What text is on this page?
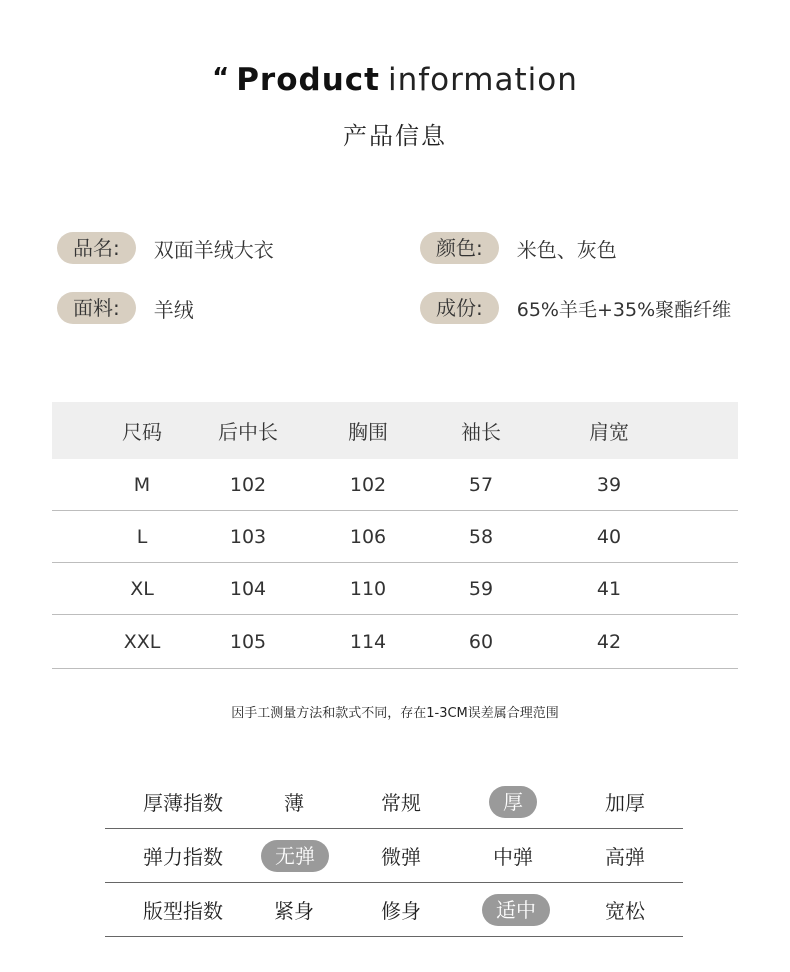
“ Product information
产品信息
品名:	双面羊绒大衣	颜色:	米色、灰色
面料:	羊绒	成份:	65%羊毛+35%聚酯纤维
尺码	后中长	胸围	袖长	肩宽
M	102	102	57	39
L	103	106	58	40
XL	104	110	59	41
XXL	105	114	60	42
因手工测量方法和款式不同，存在1-3CM误差属合理范围
厚薄指数	薄	常规	厚	加厚
弹力指数	无弹	微弹	中弹	高弹
版型指数	紧身	修身	适中	宽松
